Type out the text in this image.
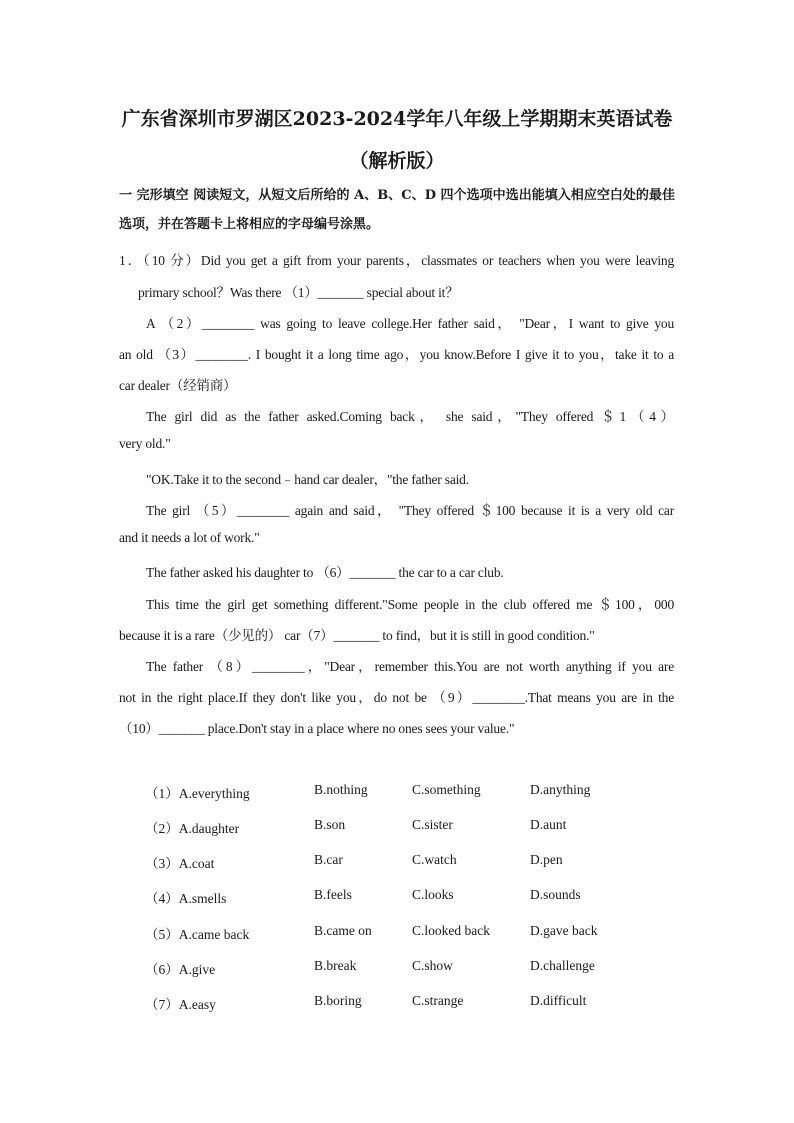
广东省深圳市罗湖区2023-2024学年八年级上学期期末英语试卷
（解析版）
一 完形填空 阅读短文，从短文后所给的 A、B、C、D 四个选项中选出能填入相应空白处的最佳选项，并在答题卡上将相应的字母编号涂黑。
1．（10 分）Did you get a gift from your parents，classmates or teachers when you were leaving
primary school？Was there （1）_______ special about it？
A （2）________ was going to leave college.Her father said， "Dear，I want to give you
an old （3）________. I bought it a long time ago，you know.Before I give it to you，take it to a
car dealer（经销商）
The girl did as the father asked.Coming back， she said，"They offered ＄1（4）
very old."
"OK.Take it to the second﹣hand car dealer，"the father said.
The girl （5）________ again and said， "They offered ＄100 because it is a very old car
and it needs a lot of work."
The father asked his daughter to （6）_______ the car to a car club.
This time the girl get something different."Some people in the club offered me ＄100，000
because it is a rare（少见的） car（7）_______ to find，but it is still in good condition."
The father （8）________，"Dear，remember this.You are not worth anything if you are
not in the right place.If they don't like you，do not be （9）________.That means you are in the
（10）_______ place.Don't stay in a place where no ones sees your value."
（1）A.everything	B.nothing	C.something	D.anything
（2）A.daughter	B.son	C.sister	D.aunt
（3）A.coat	B.car	C.watch	D.pen
（4）A.smells	B.feels	C.looks	D.sounds
（5）A.came back	B.came on	C.looked back	D.gave back
（6）A.give	B.break	C.show	D.challenge
（7）A.easy	B.boring	C.strange	D.difficult
